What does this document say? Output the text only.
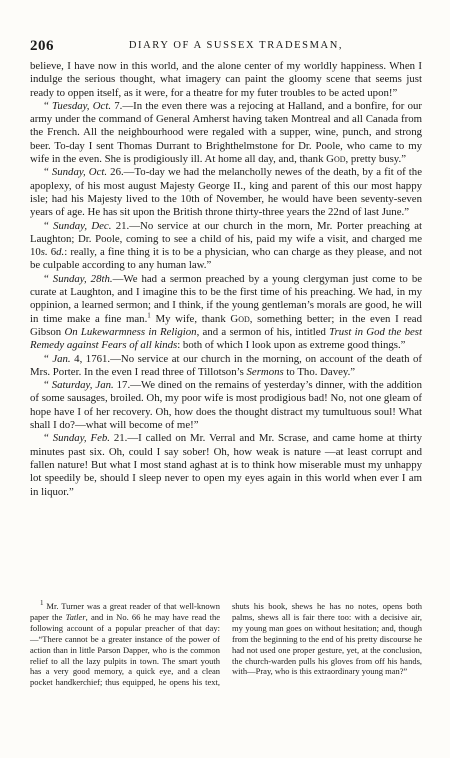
206	DIARY OF A SUSSEX TRADESMAN,

believe, I have now in this world, and the alone center of my worldly happiness. When I indulge the serious thought, what imagery can paint the gloomy scene that seems just ready to oppen itself, as it were, for a theatre for my futer troubles to be acted upon!”

“ Tuesday, Oct. 7.—In the even there was a rejocing at Halland, and a bonfire, for our army under the command of General Amherst having taken Montreal and all Canada from the French. All the neighbourhood were regaled with a supper, wine, punch, and strong beer. To-day I sent Thomas Durrant to Brighthelmstone for Dr. Poole, who came to my wife in the even. She is prodigiously ill. At home all day, and, thank God, pretty busy.”

“ Sunday, Oct. 26.—To-day we had the melancholly newes of the death, by a fit of the apoplexy, of his most august Majesty George II., king and parent of this our most happy isle; had his Majesty lived to the 10th of November, he would have been seventy-seven years of age. He has sit upon the British throne thirty-three years the 22nd of last June.”

“ Sunday, Dec. 21.—No service at our church in the morn, Mr. Porter preaching at Laughton; Dr. Poole, coming to see a child of his, paid my wife a visit, and charged me 10s. 6d.: really, a fine thing it is to be a physician, who can charge as they please, and not be culpable according to any human law.”

“ Sunday, 28th.—We had a sermon preached by a young clergyman just come to be curate at Laughton, and I imagine this to be the first time of his preaching. We had, in my oppinion, a learned sermon; and I think, if the young gentleman’s morals are good, he will in time make a fine man.$^1$ My wife, thank God, something better; in the even I read Gibson On Lukewarmness in Religion, and a sermon of his, intitled Trust in God the best Remedy against Fears of all kinds: both of which I look upon as extreme good things.”

“ Jan. 4, 1761.—No service at our church in the morning, on account of the death of Mrs. Porter. In the even I read three of Tillotson’s Sermons to Tho. Davey.”

“ Saturday, Jan. 17.—We dined on the remains of yesterday’s dinner, with the addition of some sausages, broiled. Oh, my poor wife is most prodigious bad! No, not one gleam of hope have I of her recovery. Oh, how does the thought distract my tumultuous soul! What shall I do?—what will become of me!”

“ Sunday, Feb. 21.—I called on Mr. Verral and Mr. Scrase, and came home at thirty minutes past six. Oh, could I say sober! Oh, how weak is nature —at least corrupt and fallen nature! But what I most stand aghast at is to think how miserable must my unhappy lot speedily be, should I sleep never to open my eyes again in this world when ever I am in liquor.”

$^1$ Mr. Turner was a great reader of that well-known paper the Tatler, and in No. 66 he may have read the following account of a popular preacher of that day:—“There cannot be a greater instance of the power of action than in little Parson Dapper, who is the common relief to all the lazy pulpits in town. The smart youth has a very good memory, a quick eye, and a clean pocket handkerchief; thus equipped, he opens his text, shuts his book, shews he has no notes, opens both palms, shews all is fair there too: with a decisive air, my young man goes on without hesitation; and, though from the beginning to the end of his pretty discourse he had not used one proper gesture, yet, at the conclusion, the church-warden pulls his gloves from off his hands, with—Pray, who is this extraordinary young man?”
